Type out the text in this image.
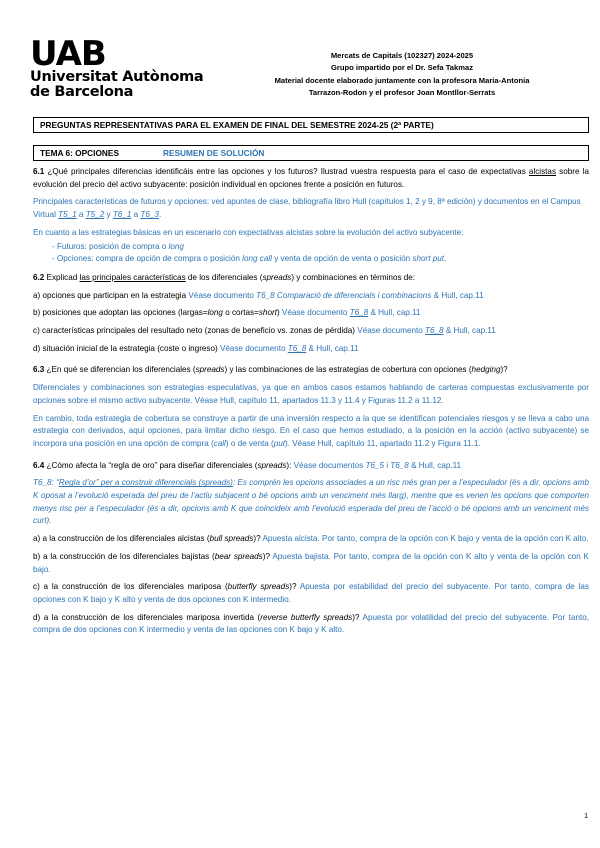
UAB
Universitat Autònoma
de Barcelona
Mercats de Capitals (102327) 2024-2025
Grupo impartido por el Dr. Sefa Takmaz
Material docente elaborado juntamente con la profesora Maria-Antonia
Tarrazon-Rodon y el profesor Joan Montllor-Serrats
PREGUNTAS REPRESENTATIVAS PARA EL EXAMEN DE FINAL DEL SEMESTRE 2024-25 (2ª PARTE)
TEMA 6: OPCIONES	RESUMEN DE SOLUCIÓN

6.1 ¿Qué principales diferencias identificáis entre las opciones y los futuros? Ilustrad vuestra respuesta para el caso de expectativas alcistas sobre la evolución del precio del activo subyacente: posición individual en opciones frente a posición en futuros.

Principales características de futuros y opciones: ved apuntes de clase, bibliografía libro Hull (capítulos 1, 2 y 9, 8ª edición) y documentos en el Campus Virtual T5_1 a T5_2 y T6_1 a T6_3.

En cuanto a las estrategias básicas en un escenario con expectativas alcistas sobre la evolución del activo subyacente:

- Futuros: posición de compra o long
- Opciones: compra de opción de compra o posición long call y venta de opción de venta o posición short put.

6.2 Explicad las principales características de los diferenciales (spreads) y combinaciones en términos de:

a) opciones que participan en la estrategia Véase documento T6_8 Comparació de diferencials i combinacions & Hull, cap.11

b) posiciones que adoptan las opciones (largas=long o cortas=short) Véase documento T6_8 & Hull, cap.11

c) características principales del resultado neto (zonas de beneficio vs. zonas de pérdida) Véase documento T6_8 & Hull, cap.11

d) situación inicial de la estrategia (coste o ingreso) Véase documento T6_8 & Hull, cap.11

6.3 ¿En qué se diferencian los diferenciales (spreads) y las combinaciones de las estrategias de cobertura con opciones (hedging)?

Diferenciales y combinaciones son estrategias especulativas, ya que en ambos casos estamos hablando de carteras compuestas exclusivamente por opciones sobre el mismo activo subyacente. Véase Hull, capítulo 11, apartados 11.3 y 11.4 y Figuras 11.2 a 11.12.

En cambio, toda estrategia de cobertura se construye a partir de una inversión respecto a la que se identifican potenciales riesgos y se lleva a cabo una estrategia con derivados, aquí opciones, para limitar dicho riesgo. En el caso que hemos estudiado, a la posición en la acción (activo subyacente) se incorpora una posición en una opción de compra (call) o de venta (put). Véase Hull, capítulo 11, apartado 11.2 y Figura 11.1.

6.4 ¿Cómo afecta la “regla de oro” para diseñar diferenciales (spreads): Véase documentos T6_5 i T6_8 & Hull, cap.11

T6_8: “Regla d’or” per a construir diferencials (spreads): Es comprén les opcions associades a un risc més gran per a l’especulador (és a dir, opcions amb K oposat a l’evolució esperada del preu de l’actiu subjacent o bé opcions amb un venciment més llarg), mentre que es venen les opcions que comporten menys risc per a l’especulador (és a dir, opcions amb K que coincideix amb l’evolució esperada del preu de l’acció o bé opcions amb un venciment més curt).

a) a la construcción de los diferenciales alcistas (bull spreads)? Apuesta alcista. Por tanto, compra de la opción con K bajo y venta de la opción con K alto.

b) a la construcción de los diferenciales bajistas (bear spreads)? Apuesta bajista. Por tanto, compra de la opción con K alto y venta de la opción con K bajo.

c) a la construcción de los diferenciales mariposa (butterfly spreads)? Apuesta por estabilidad del precio del subyacente. Por tanto, compra de las opciones con K bajo y K alto y venta de dos opciones con K intermedio.

d) a la construcción de los diferenciales mariposa invertida (reverse butterfly spreads)? Apuesta por volatilidad del precio del subyacente. Por tanto, compra de dos opciones con K intermedio y venta de las opciones con K bajo y K alto.

1
